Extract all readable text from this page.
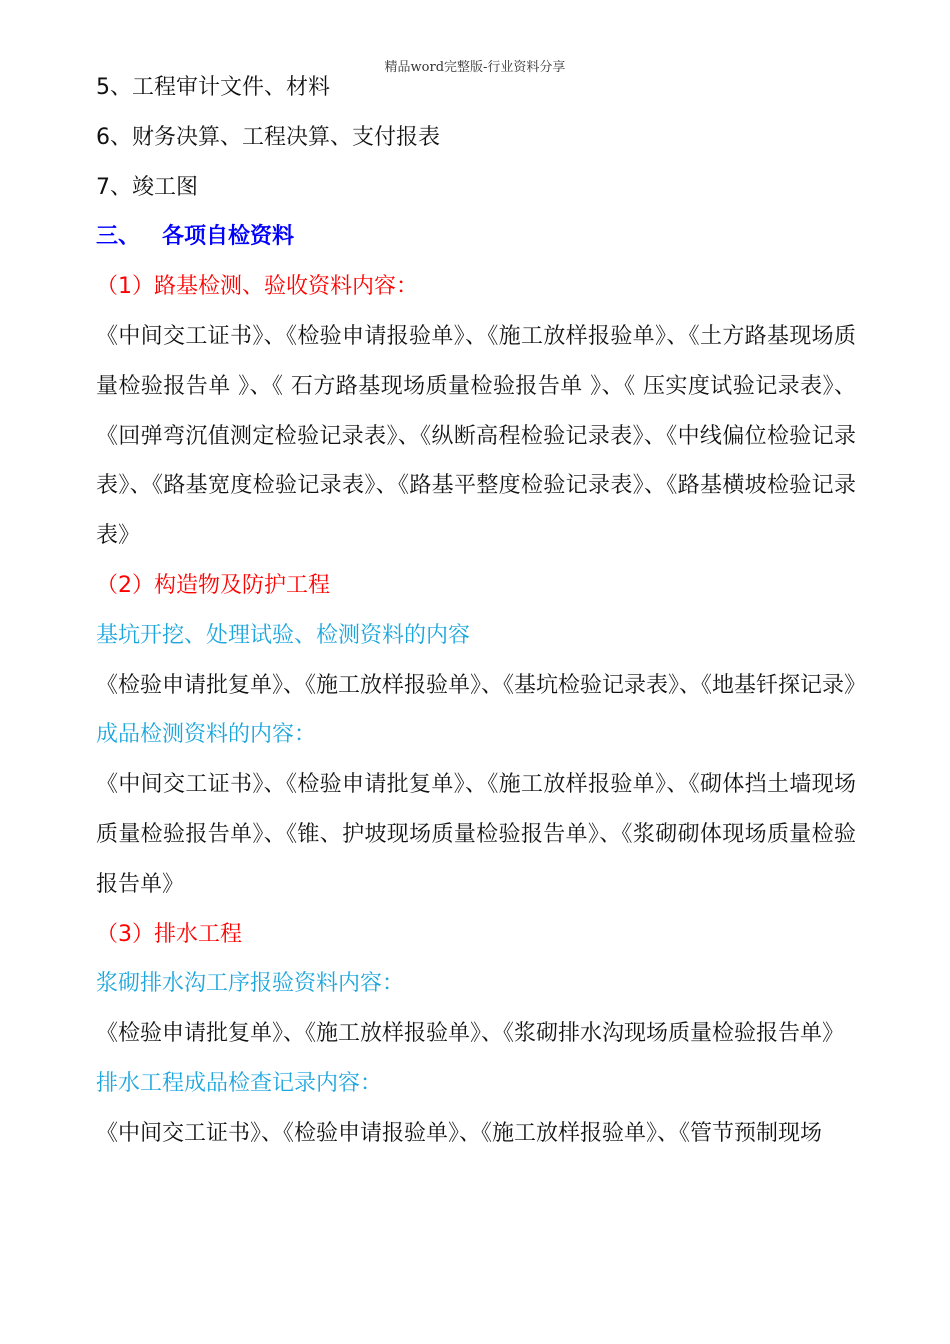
精品word完整版-行业资料分享
5、工程审计文件、材料
6、财务决算、工程决算、支付报表
7、竣工图
三、 各项自检资料
（1）路基检测、验收资料内容：
《中间交工证书》、《检验申请报验单》、《施工放样报验单》、《土方路基现场质量检验报告单 》、《 石方路基现场质量检验报告单 》、《 压实度试验记录表》、《回弹弯沉值测定检验记录表》、《纵断高程检验记录表》、《中线偏位检验记录表》、《路基宽度检验记录表》、《路基平整度检验记录表》、《路基横坡检验记录表》
（2）构造物及防护工程
基坑开挖、处理试验、检测资料的内容
《检验申请批复单》、《施工放样报验单》、《基坑检验记录表》、《地基钎探记录》
成品检测资料的内容：
《中间交工证书》、《检验申请批复单》、《施工放样报验单》、《砌体挡土墙现场质量检验报告单》、《锥、护坡现场质量检验报告单》、《浆砌砌体现场质量检验报告单》
（3）排水工程
浆砌排水沟工序报验资料内容：
《检验申请批复单》、《施工放样报验单》、《浆砌排水沟现场质量检验报告单》
排水工程成品检查记录内容：
《中间交工证书》、《检验申请报验单》、《施工放样报验单》、《管节预制现场
